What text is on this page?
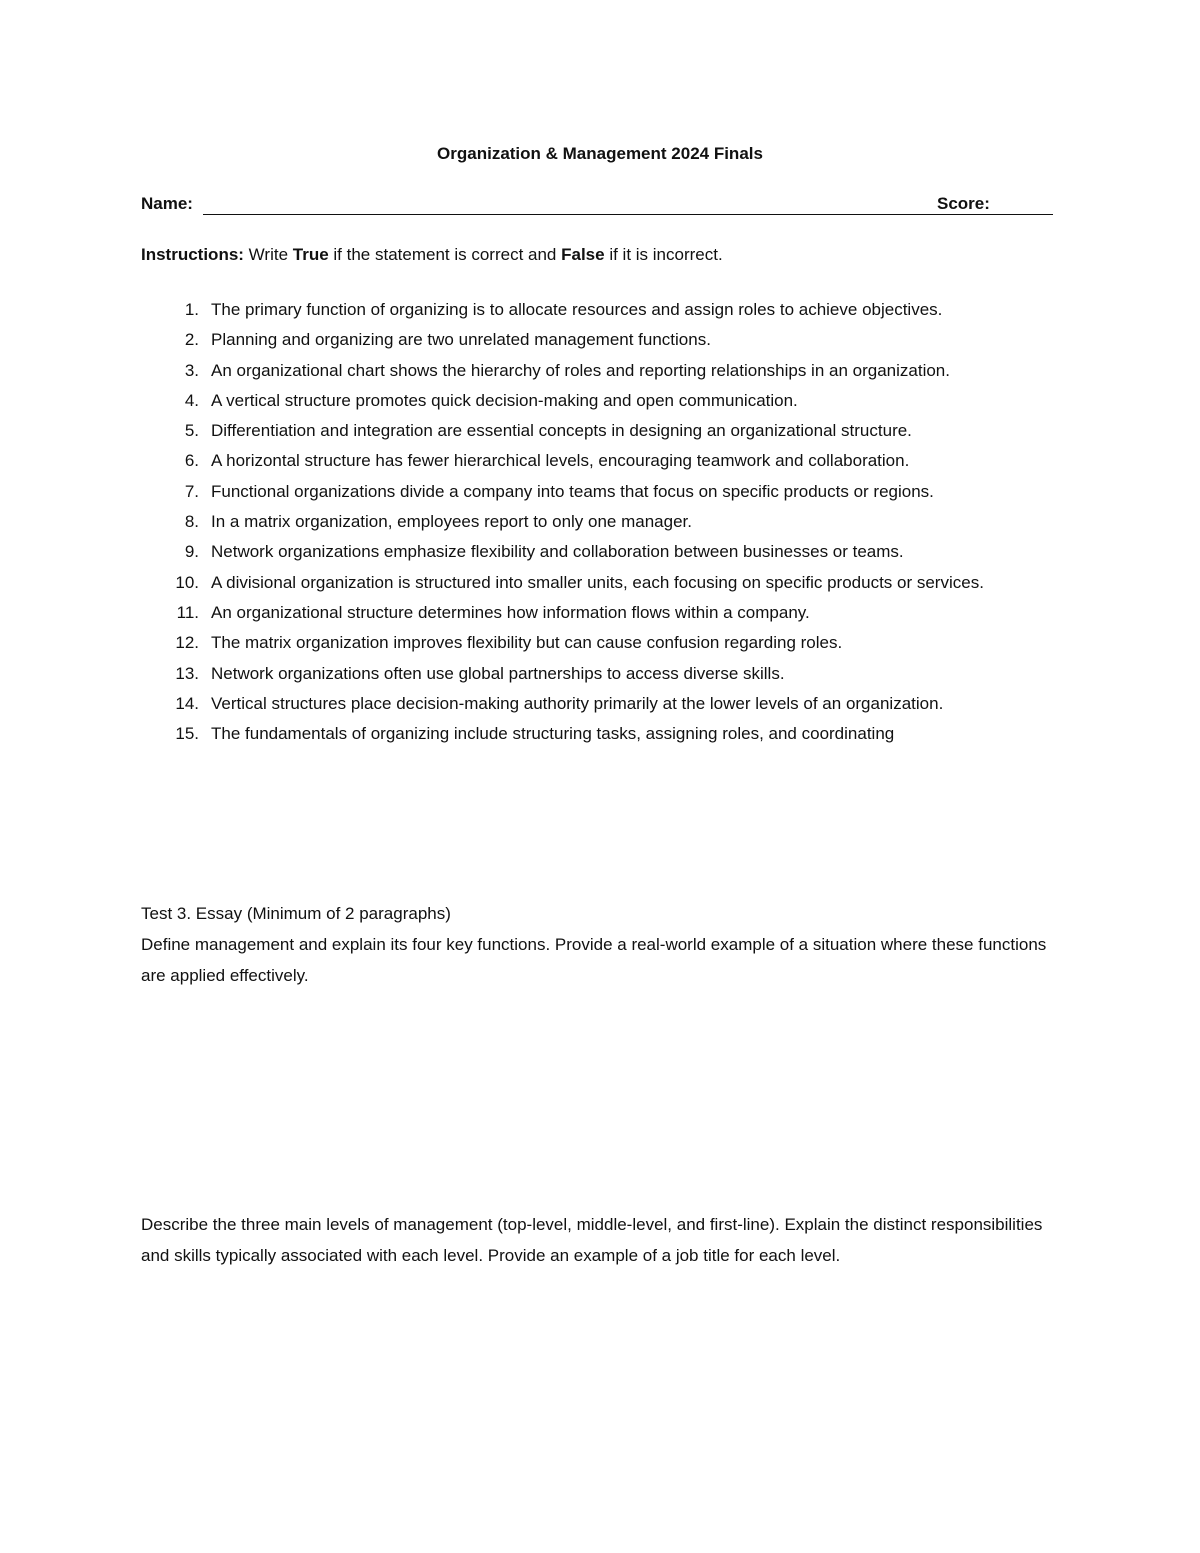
Organization & Management 2024 Finals
Name:	Score:
Instructions: Write True if the statement is correct and False if it is incorrect.
1. The primary function of organizing is to allocate resources and assign roles to achieve objectives.
2. Planning and organizing are two unrelated management functions.
3. An organizational chart shows the hierarchy of roles and reporting relationships in an organization.
4. A vertical structure promotes quick decision-making and open communication.
5. Differentiation and integration are essential concepts in designing an organizational structure.
6. A horizontal structure has fewer hierarchical levels, encouraging teamwork and collaboration.
7. Functional organizations divide a company into teams that focus on specific products or regions.
8. In a matrix organization, employees report to only one manager.
9. Network organizations emphasize flexibility and collaboration between businesses or teams.
10. A divisional organization is structured into smaller units, each focusing on specific products or services.
11. An organizational structure determines how information flows within a company.
12. The matrix organization improves flexibility but can cause confusion regarding roles.
13. Network organizations often use global partnerships to access diverse skills.
14. Vertical structures place decision-making authority primarily at the lower levels of an organization.
15. The fundamentals of organizing include structuring tasks, assigning roles, and coordinating
Test 3. Essay (Minimum of 2 paragraphs)
Define management and explain its four key functions. Provide a real-world example of a situation where these functions are applied effectively.
Describe the three main levels of management (top-level, middle-level, and first-line). Explain the distinct responsibilities and skills typically associated with each level. Provide an example of a job title for each level.
